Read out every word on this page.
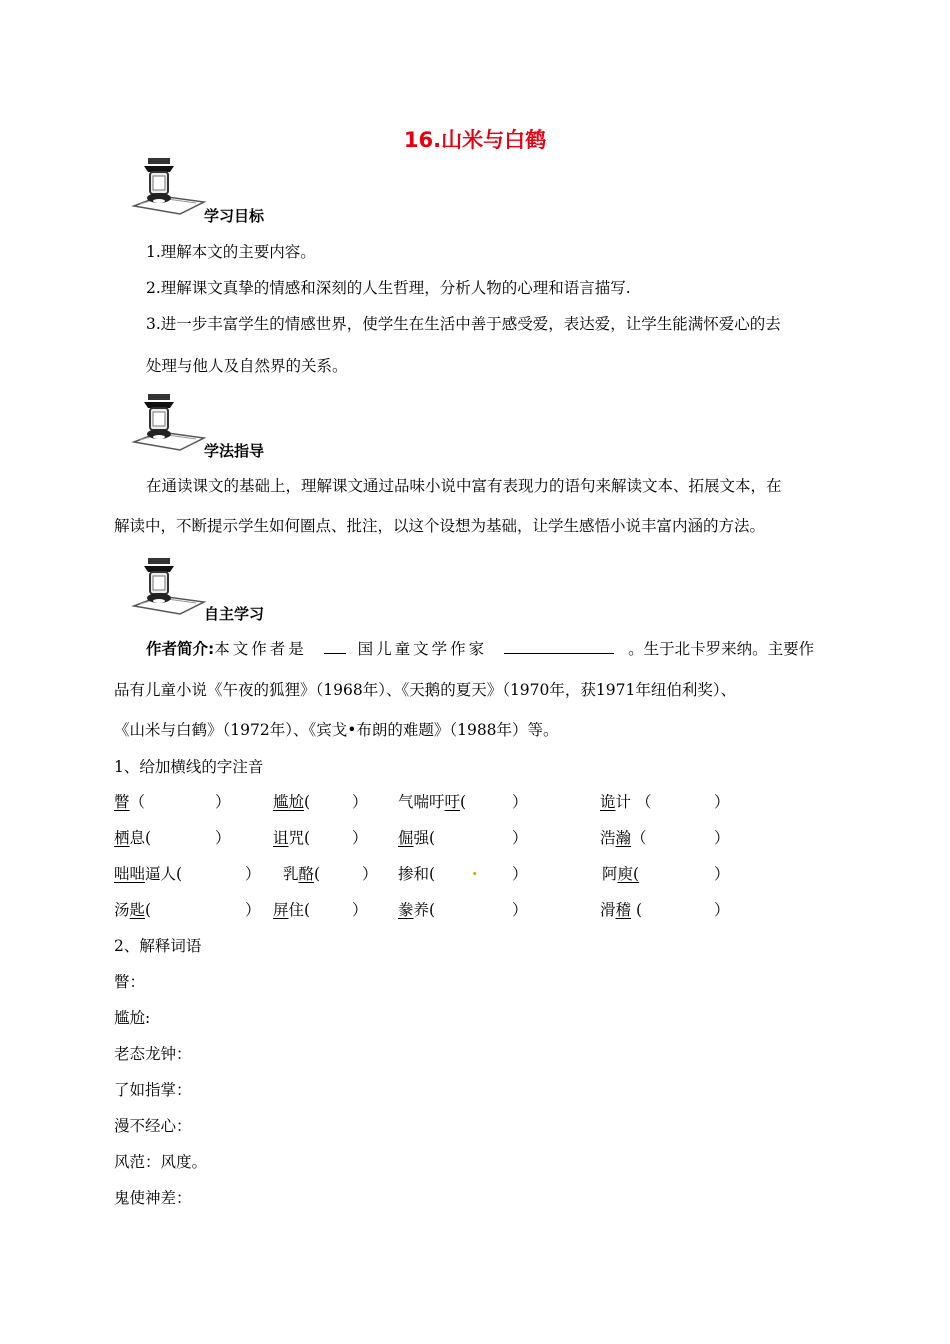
16.山米与白鹤
学习目标
1.理解本文的主要内容。
2.理解课文真挚的情感和深刻的人生哲理，分析人物的心理和语言描写.
3.进一步丰富学生的情感世界，使学生在生活中善于感受爱，表达爱，让学生能满怀爱心的去
处理与他人及自然界的关系。
学法指导
在通读课文的基础上，理解课文通过品味小说中富有表现力的语句来解读文本、拓展文本，在
解读中，不断提示学生如何圈点、批注，以这个设想为基础，让学生感悟小说丰富内涵的方法。
自主学习
作者简介:本文作者是	国儿童文学作家	。生于北卡罗来纳。主要作
品有儿童小说《午夜的狐狸》（1968年）、《天鹅的夏天》（1970年，获1971年纽伯利奖）、
《山米与白鹤》（1972年）、《宾戈•布朗的难题》（1988年）等。
1、给加横线的字注音
瞥（	）	尴尬(	） 气喘吁吁(	）	诡计 （	）
栖息(	）	诅咒(	） 倔强(	）	浩瀚（	）
咄咄逼人(	） 乳酪(	） 掺和( . ）	阿庾(	）
汤匙(	） 屏住(	） 豢养(	）	滑稽 (	）
2、解释词语
瞥：
尴尬:
老态龙钟：
了如指掌：
漫不经心：
风范：风度。
鬼使神差：
